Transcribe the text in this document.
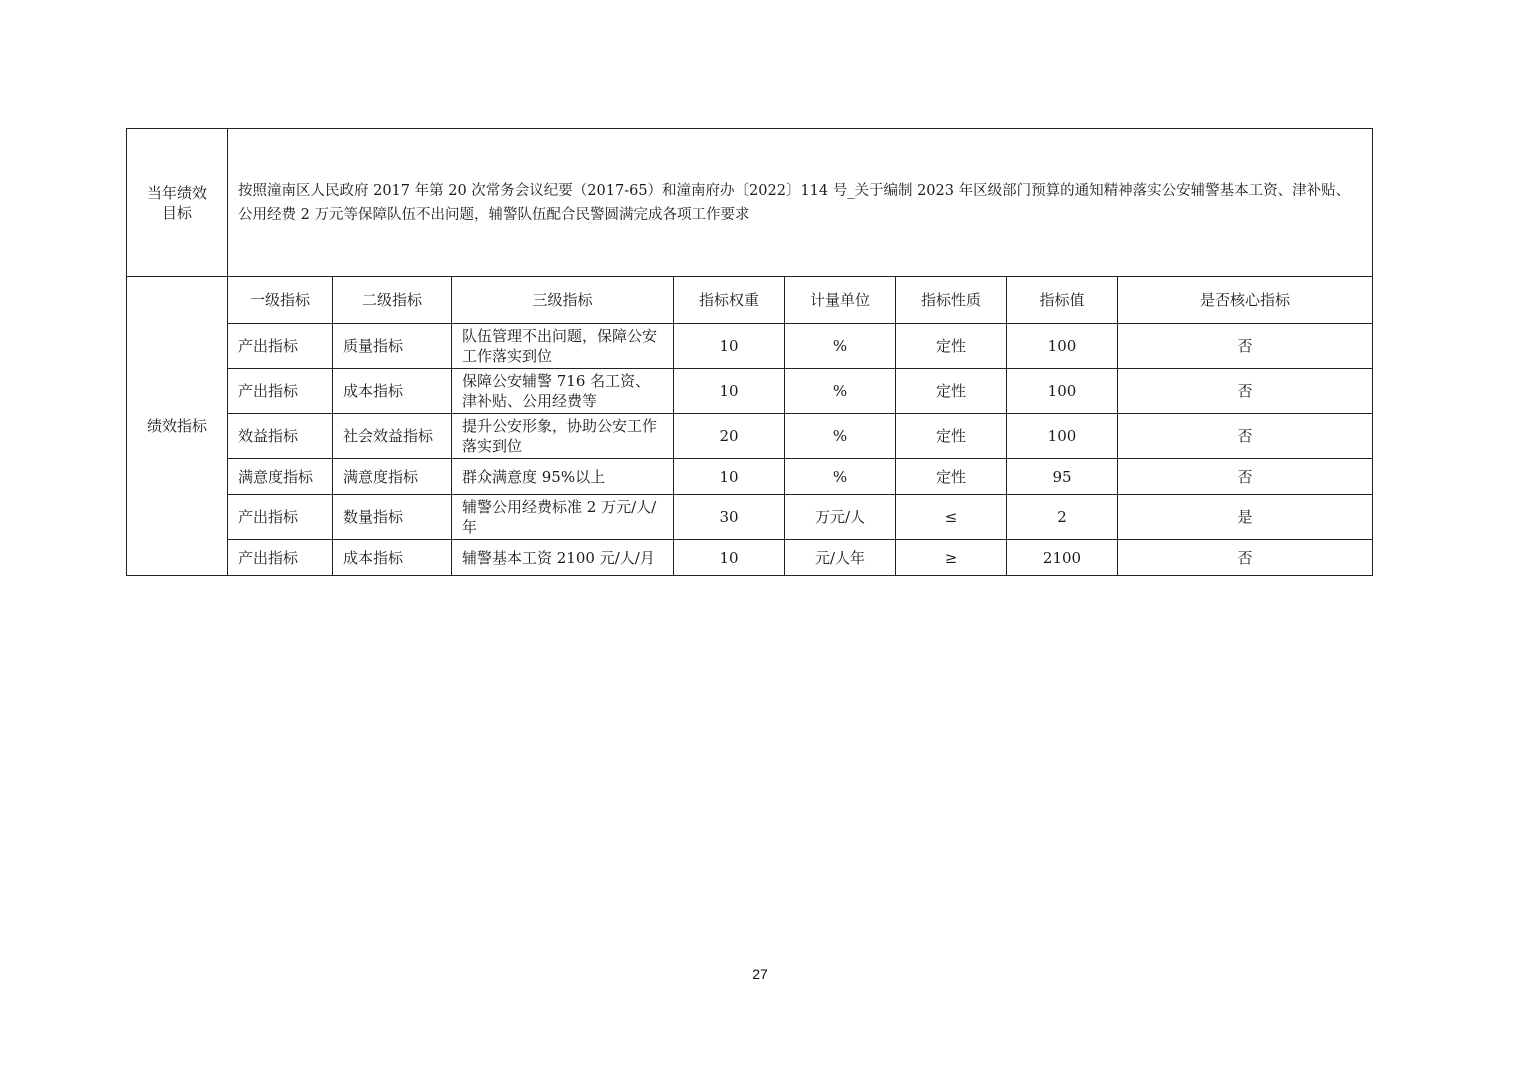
当年绩效
目标	按照潼南区人民政府 2017 年第 20 次常务会议纪要（2017-65）和潼南府办〔2022〕114 号_关于编制 2023 年区级部门预算的通知精神落实公安辅警基本工资、津补贴、公用经费 2 万元等保障队伍不出问题，辅警队伍配合民警圆满完成各项工作要求							
绩效指标	一级指标	二级指标	三级指标	指标权重	计量单位	指标性质	指标值	是否核心指标
	产出指标	质量指标	队伍管理不出问题，保障公安工作落实到位	10	%	定性	100	否
	产出指标	成本指标	保障公安辅警 716 名工资、津补贴、公用经费等	10	%	定性	100	否
	效益指标	社会效益指标	提升公安形象，协助公安工作落实到位	20	%	定性	100	否
	满意度指标	满意度指标	群众满意度 95%以上	10	%	定性	95	否
	产出指标	数量指标	辅警公用经费标准 2 万元/人/年	30	万元/人	≤	2	是
	产出指标	成本指标	辅警基本工资 2100 元/人/月	10	元/人年	≥	2100	否
27
